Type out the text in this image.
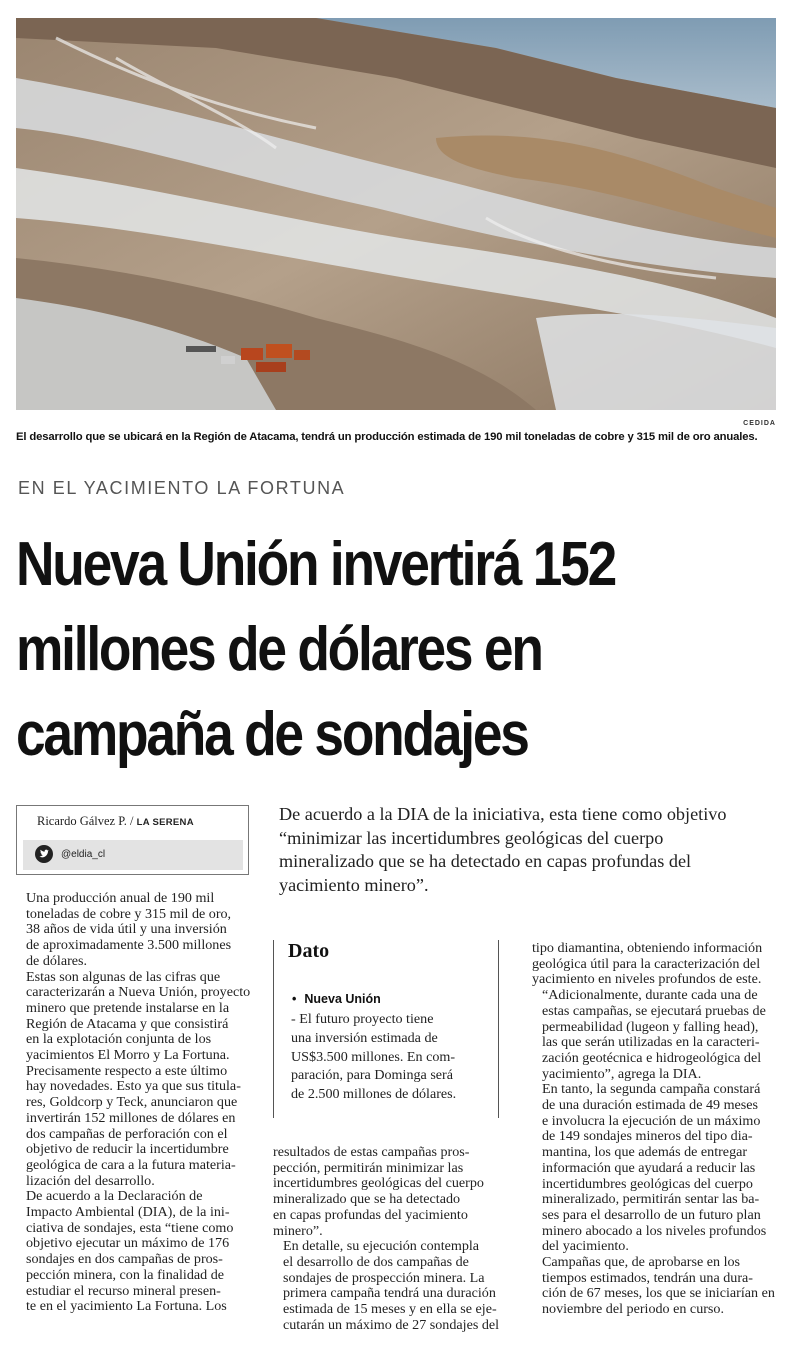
CEDIDA
El desarrollo que se ubicará en la Región de Atacama, tendrá un producción estimada de 190 mil toneladas de cobre y 315 mil de oro anuales.
EN EL YACIMIENTO LA FORTUNA
Nueva Unión invertirá 152
millones de dólares en
campaña de sondajes
Ricardo Gálvez P. / LA SERENA
@eldia_cl
De acuerdo a la DIA de la iniciativa, esta tiene como objetivo
“minimizar las incertidumbres geológicas del cuerpo
mineralizado que se ha detectado en capas profundas del
yacimiento minero”.

Una producción anual de 190 mil
toneladas de cobre y 315 mil de oro,
38 años de vida útil y una inversión
de aproximadamente 3.500 millones
de dólares.

Estas son algunas de las cifras que
caracterizarán a Nueva Unión, proyecto
minero que pretende instalarse en la
Región de Atacama y que consistirá
en la explotación conjunta de los
yacimientos El Morro y La Fortuna.

Precisamente respecto a este último
hay novedades. Esto ya que sus titula-
res, Goldcorp y Teck, anunciaron que
invertirán 152 millones de dólares en
dos campañas de perforación con el
objetivo de reducir la incertidumbre
geológica de cara a la futura materia-
lización del desarrollo.

De acuerdo a la Declaración de
Impacto Ambiental (DIA), de la ini-
ciativa de sondajes, esta “tiene como
objetivo ejecutar un máximo de 176
sondajes en dos campañas de pros-
pección minera, con la finalidad de
estudiar el recurso mineral presen-
te en el yacimiento La Fortuna. Los

Dato
• Nueva Unión
- El futuro proyecto tiene
una inversión estimada de
US$3.500 millones. En com-
paración, para Dominga será
de 2.500 millones de dólares.

resultados de estas campañas pros-
pección, permitirán minimizar las
incertidumbres geológicas del cuerpo
mineralizado que se ha detectado
en capas profundas del yacimiento
minero”.

En detalle, su ejecución contempla
el desarrollo de dos campañas de
sondajes de prospección minera. La
primera campaña tendrá una duración
estimada de 15 meses y en ella se eje-
cutarán un máximo de 27 sondajes del

tipo diamantina, obteniendo información
geológica útil para la caracterización del
yacimiento en niveles profundos de este.

“Adicionalmente, durante cada una de
estas campañas, se ejecutará pruebas de
permeabilidad (lugeon y falling head),
las que serán utilizadas en la caracteri-
zación geotécnica e hidrogeológica del
yacimiento”, agrega la DIA.

En tanto, la segunda campaña constará
de una duración estimada de 49 meses
e involucra la ejecución de un máximo
de 149 sondajes mineros del tipo dia-
mantina, los que además de entregar
información que ayudará a reducir las
incertidumbres geológicas del cuerpo
mineralizado, permitirán sentar las ba-
ses para el desarrollo de un futuro plan
minero abocado a los niveles profundos
del yacimiento.

Campañas que, de aprobarse en los
tiempos estimados, tendrán una dura-
ción de 67 meses, los que se iniciarían en
noviembre del periodo en curso.
